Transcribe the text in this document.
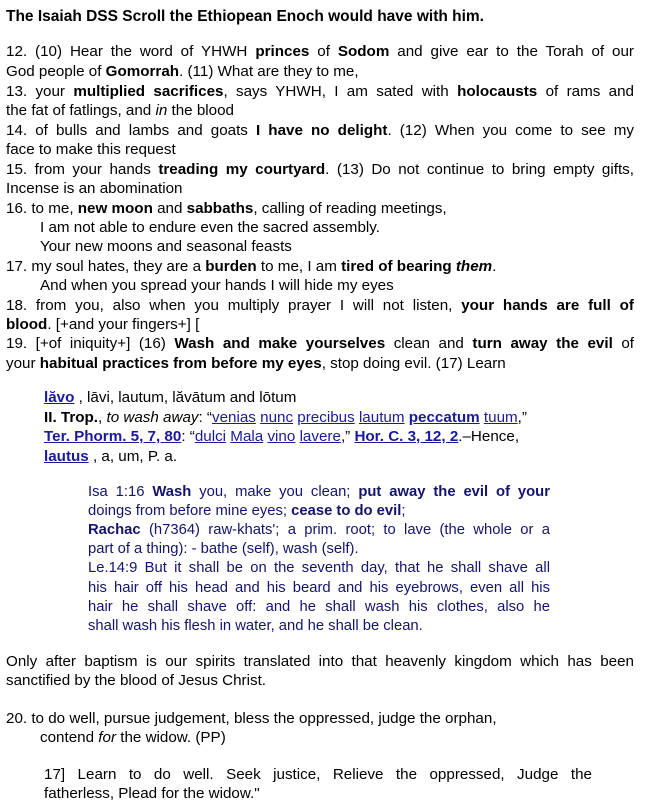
The Isaiah DSS Scroll the Ethiopean Enoch would have with him.
12. (10) Hear the word of YHWH princes of Sodom and give ear to the Torah of our
God people of Gomorrah. (11) What are they to me,
13. your multiplied sacrifices, says YHWH, I am sated with holocausts of rams and
the fat of fatlings, and in the blood
14. of bulls and lambs and goats I have no delight. (12) When you come to see my
face to make this request
15. from your hands treading my courtyard. (13) Do not continue to bring empty gifts,
Incense is an abomination
16. to me, new moon and sabbaths, calling of reading meetings,
I am not able to endure even the sacred assembly.
Your new moons and seasonal feasts
17. my soul hates, they are a burden to me, I am tired of bearing them.
And when you spread your hands I will hide my eyes
18. from you, also when you multiply prayer I will not listen, your hands are full of
blood. [+and your fingers+] [
19. [+of iniquity+] (16) Wash and make yourselves clean and turn away the evil of
your habitual practices from before my eyes, stop doing evil. (17) Learn
lăvo , lāvi, lautum, lăvātum and lōtum
II. Trop., to wash away: “venias nunc precibus lautum peccatum tuum,”
Ter. Phorm. 5, 7, 80: “dulci Mala vino lavere,” Hor. C. 3, 12, 2.–Hence,
lautus , a, um, P. a.
Isa 1:16 Wash you, make you clean; put away the evil of your
doings from before mine eyes; cease to do evil;
Rachac (h7364) raw-khats'; a prim. root; to lave (the whole or a
part of a thing): - bathe (self), wash (self).
Le.14:9 But it shall be on the seventh day, that he shall shave all
his hair off his head and his beard and his eyebrows, even all his
hair he shall shave off: and he shall wash his clothes, also he
shall wash his flesh in water, and he shall be clean.
Only after baptism is our spirits translated into that heavenly kingdom which has been
sanctified by the blood of Jesus Christ.
20. to do well, pursue judgement, bless the oppressed, judge the orphan,
contend for the widow. (PP)
17] Learn to do well. Seek justice, Relieve the oppressed, Judge the
fatherless, Plead for the widow."
